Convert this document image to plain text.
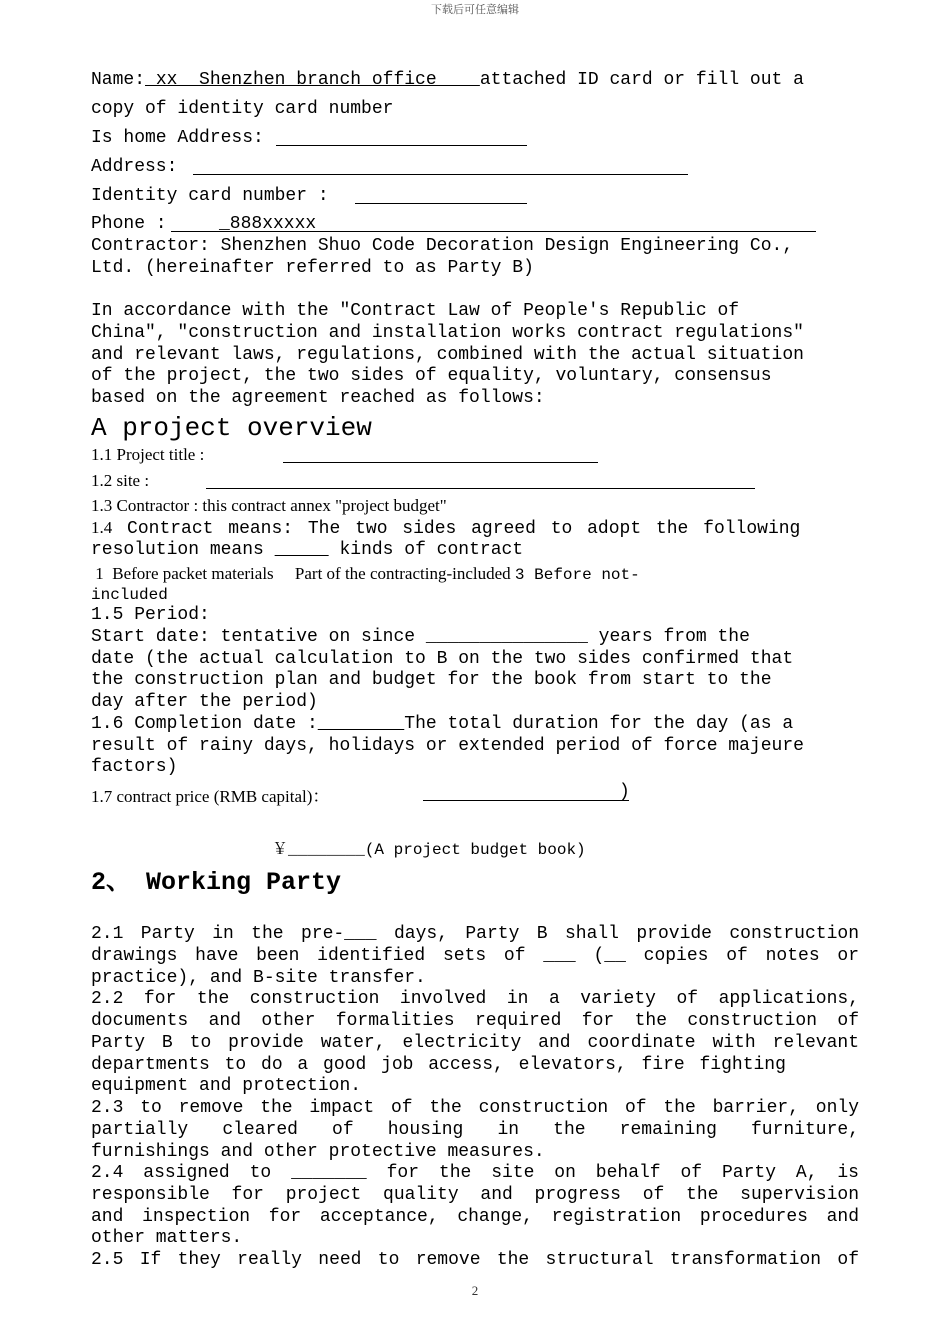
下载后可任意编辑
Name: xx  Shenzhen branch office    attached ID card or fill out a
copy of identity card number
Is home Address:
Address:
Identity card number :
Phone :	_888xxxxx
Contractor: Shenzhen Shuo Code Decoration Design Engineering Co.,
Ltd. (hereinafter referred to as Party B)
In accordance with the "Contract Law of People's Republic of
China", "construction and installation works contract regulations"
and relevant laws, regulations, combined with the actual situation
of the project, the two sides of equality, voluntary, consensus
based on the agreement reached as follows:
A project overview
1.1 Project title :
1.2 site :
1.3 Contractor : this contract annex "project budget"
1.4 Contract means: The two sides agreed to adopt the following
resolution means	kinds of contract
1  Before packet materials     Part of the contracting-included 3 Before not-
included
1.5 Period:
Start date: tentative on since _______________ years from the
date (the actual calculation to B on the two sides confirmed that
the construction plan and budget for the book from start to the
day after the period)
1.6 Completion date :_______ The total duration for the day (as a
result of rainy days, holidays or extended period of force majeure
factors)
1.7 contract price (RMB capital)：	)
￥________(A project budget book)
2、 Working Party
2.1 Party in the pre-___ days, Party B shall provide construction
drawings have been identified sets of ___ (__ copies of notes or
practice), and B-site transfer.
2.2 for the construction involved in a variety of applications,
documents and other formalities required for the construction of
Party B to provide water, electricity and coordinate with relevant
departments to do a good job access, elevators, fire fighting
equipment and protection.
2.3 to remove the impact of the construction of the barrier, only
partially cleared of housing in the remaining furniture,
furnishings and other protective measures.
2.4 assigned to _______ for the site on behalf of Party A, is
responsible for project quality and progress of the supervision
and inspection for acceptance, change, registration procedures and
other matters.
2.5 If they really need to remove the structural transformation of
2
